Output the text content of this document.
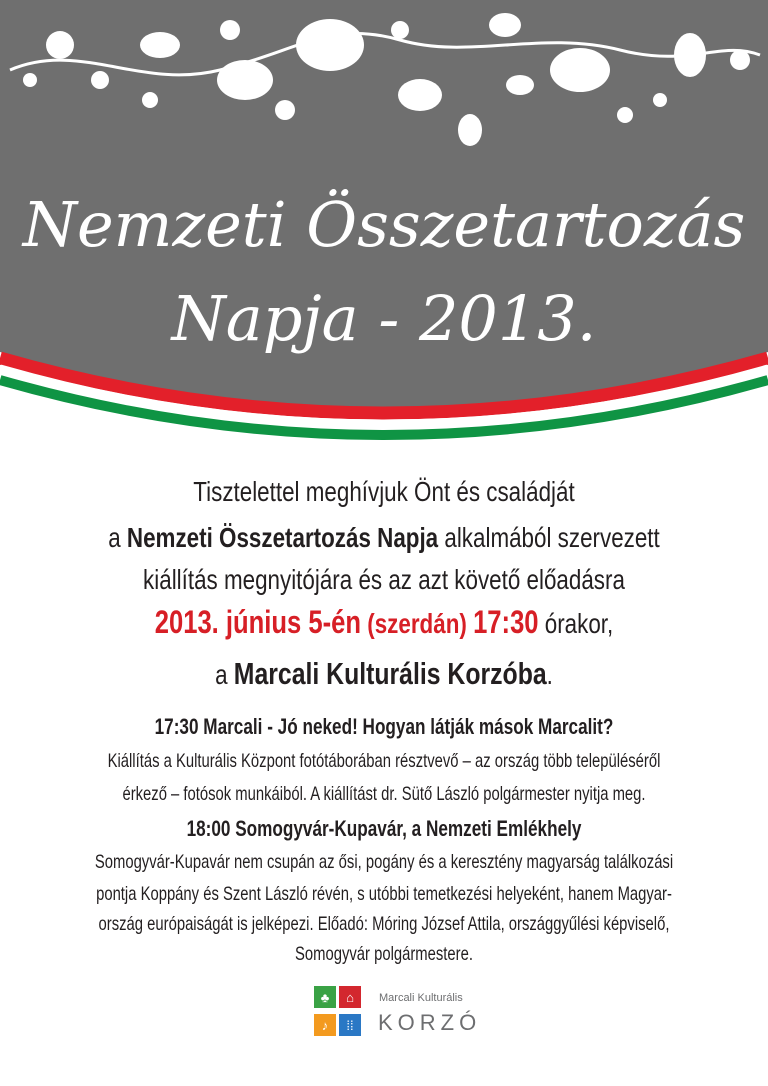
Nemzeti Összetartozás
Napja - 2013.
Tisztelettel meghívjuk Önt és családját
a Nemzeti Összetartozás Napja alkalmából szervezett
kiállítás megnyitójára és az azt követő előadásra
2013. június 5-én (szerdán) 17:30 órakor,
a Marcali Kulturális Korzóba.
17:30 Marcali - Jó neked! Hogyan látják mások Marcalit?
Kiállítás a Kulturális Központ fotótáborában résztvevő – az ország több településéről
érkező – fotósok munkáiból. A kiállítást dr. Sütő László polgármester nyitja meg.
18:00 Somogyvár-Kupavár, a Nemzeti Emlékhely
Somogyvár-Kupavár nem csupán az ősi, pogány és a keresztény magyarság találkozási
pontja Koppány és Szent László révén, s utóbbi temetkezési helyeként, hanem Magyar-
ország európaiságát is jelképezi. Előadó: Móring József Attila, országgyűlési képviselő,
Somogyvár polgármestere.
♣	⌂
♪	⁞⁞
Marcali Kulturális
KORZÓ
